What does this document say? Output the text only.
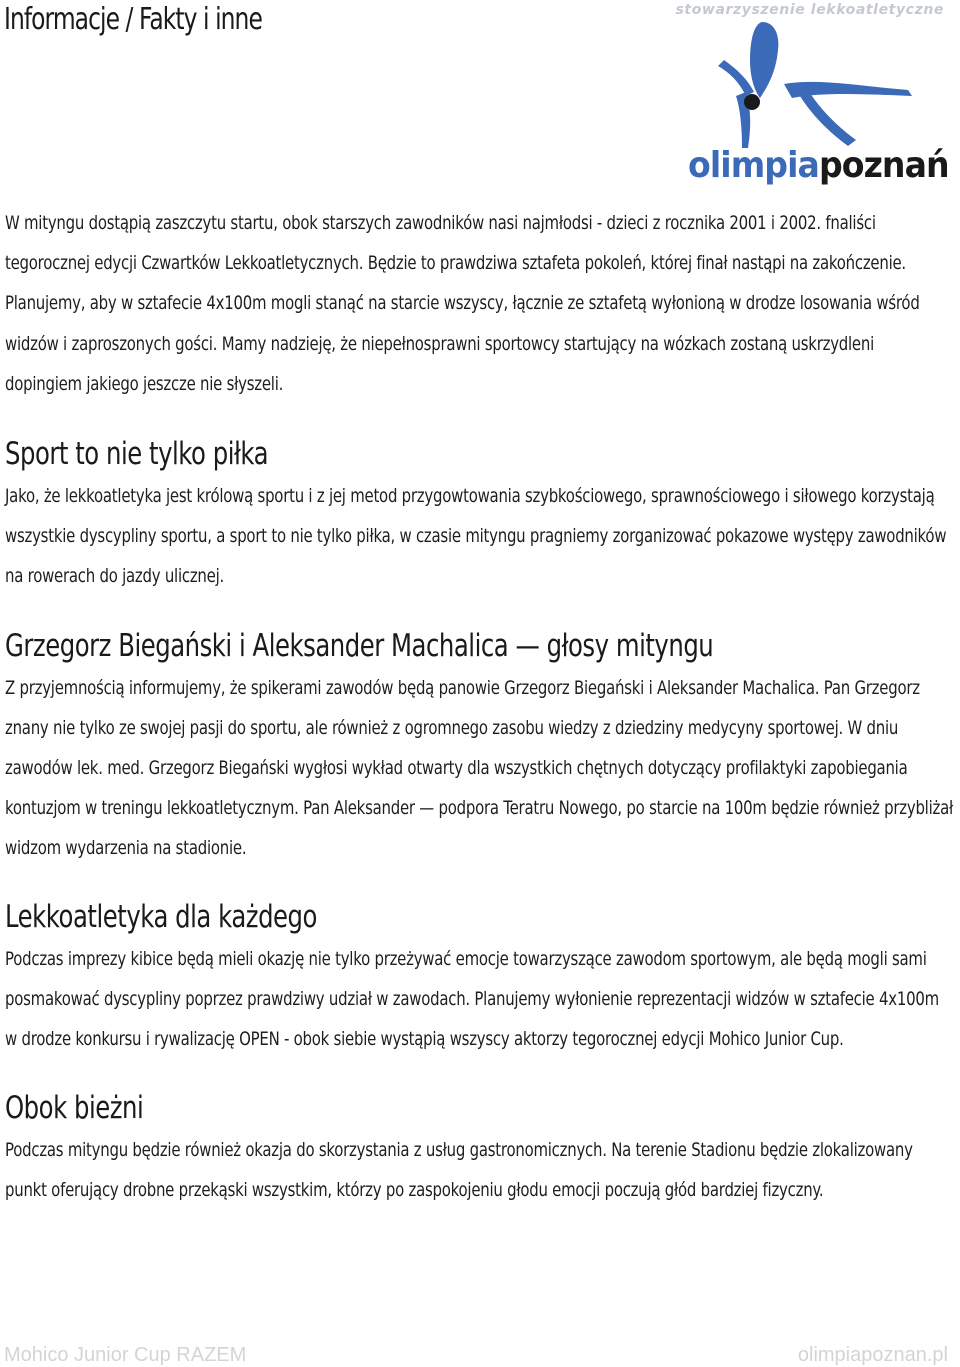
Informacje / Fakty i inne	stowarzyszenie lekkoatletyczne
olimpiapoznań

W mityngu dostąpią zaszczytu startu, obok starszych zawodników nasi najmłodsi - dzieci z rocznika 2001 i 2002. fnaliści tegorocznej edycji Czwartków Lekkoatletycznych. Będzie to prawdziwa sztafeta pokoleń, której finał nastąpi na zakończenie. Planujemy, aby w sztafecie 4x100m mogli stanąć na starcie wszyscy, łącznie ze sztafetą wyłonioną w drodze losowania wśród widzów i zaproszonych gości. Mamy nadzieję, że niepełnosprawni sportowcy startujący na wózkach zostaną uskrzydleni dopingiem jakiego jeszcze nie słyszeli.

Sport to nie tylko piłka

Jako, że lekkoatletyka jest królową sportu i z jej metod przygowtowania szybkościowego, sprawnościowego i siłowego korzystają wszystkie dyscypliny sportu, a sport to nie tylko piłka, w czasie mityngu pragniemy zorganizować pokazowe występy zawodników na rowerach do jazdy ulicznej.

Grzegorz Biegański i Aleksander Machalica — głosy mityngu

Z przyjemnością informujemy, że spikerami zawodów będą panowie Grzegorz Biegański i Aleksander Machalica. Pan Grzegorz znany nie tylko ze swojej pasji do sportu, ale również z ogromnego zasobu wiedzy z dziedziny medycyny sportowej. W dniu zawodów lek. med. Grzegorz Biegański wygłosi wykład otwarty dla wszystkich chętnych dotyczący profilaktyki zapobiegania kontuzjom w treningu lekkoatletycznym. Pan Aleksander — podpora Teratru Nowego, po starcie na 100m będzie również przybliżał widzom wydarzenia na stadionie.

Lekkoatletyka dla każdego

Podczas imprezy kibice będą mieli okazję nie tylko przeżywać emocje towarzyszące zawodom sportowym, ale będą mogli sami posmakować dyscypliny poprzez prawdziwy udział w zawodach. Planujemy wyłonienie reprezentacji widzów w sztafecie 4x100m w drodze konkursu i rywalizację OPEN - obok siebie wystąpią wszyscy aktorzy tegorocznej edycji Mohico Junior Cup.

Obok bieżni

Podczas mityngu będzie również okazja do skorzystania z usług gastronomicznych. Na terenie Stadionu będzie zlokalizowany punkt oferujący drobne przekąski wszystkim, którzy po zaspokojeniu głodu emocji poczują głód bardziej fizyczny.

Mohico Junior Cup RAZEM	olimpiapoznan.pl
